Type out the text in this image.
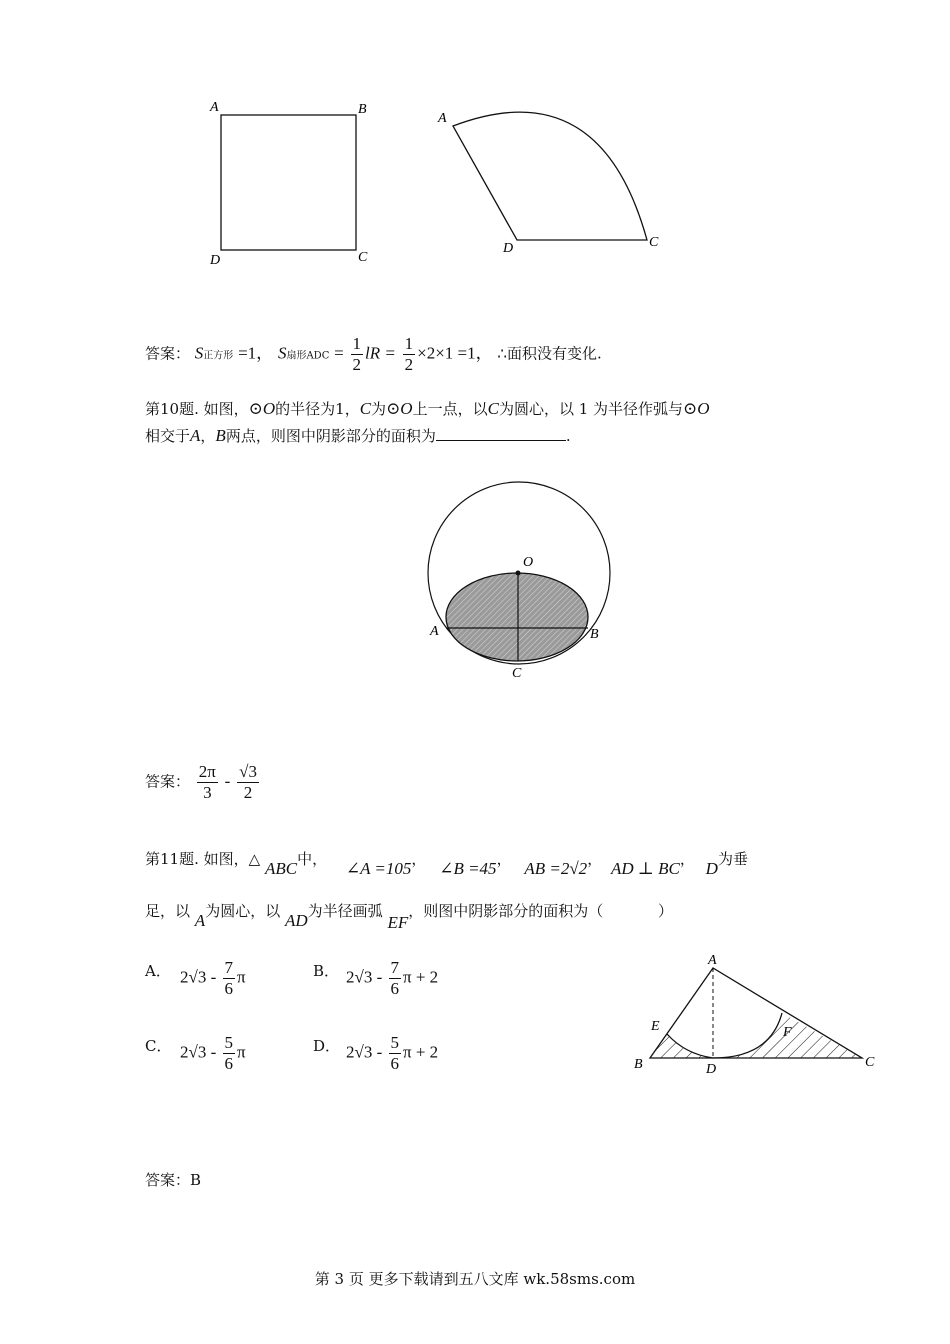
A	B
C
D
A
D	C
答案： S正方形 =1， S扇形ADC = $\frac{1}{2}$ lR = $\frac{1}{2} \times 2\times 1 =1$， ∴面积没有变化.
第10题. 如图，⊙O的半径为1，C为⊙O上一点，以C为圆心，以 1 为半径作弧与⊙O
相交于A，B两点，则图中阴影部分的面积为	.
O
A	B
C
答案： $\frac{2\pi}{3} - \frac{√3}{2}$
第11题. 如图，△ ABC中， ∠A =105， ∠B =45， AB =2√2， AD ⊥ BC， D为垂
足，以 A为圆心，以 AD为半径画弧 EF，则图中阴影部分的面积为（	）
A． $2√3 - \frac{7}{6}$ π	B． $2√3 - \frac{7}{6}$ π + 2
C． $2√3 - \frac{5}{6}$ π	D． $2√3 - \frac{5}{6}$ π + 2
A
F
E
B	D	C
答案：B
第 3 页 更多下载请到五八文库 wk.58sms.com
